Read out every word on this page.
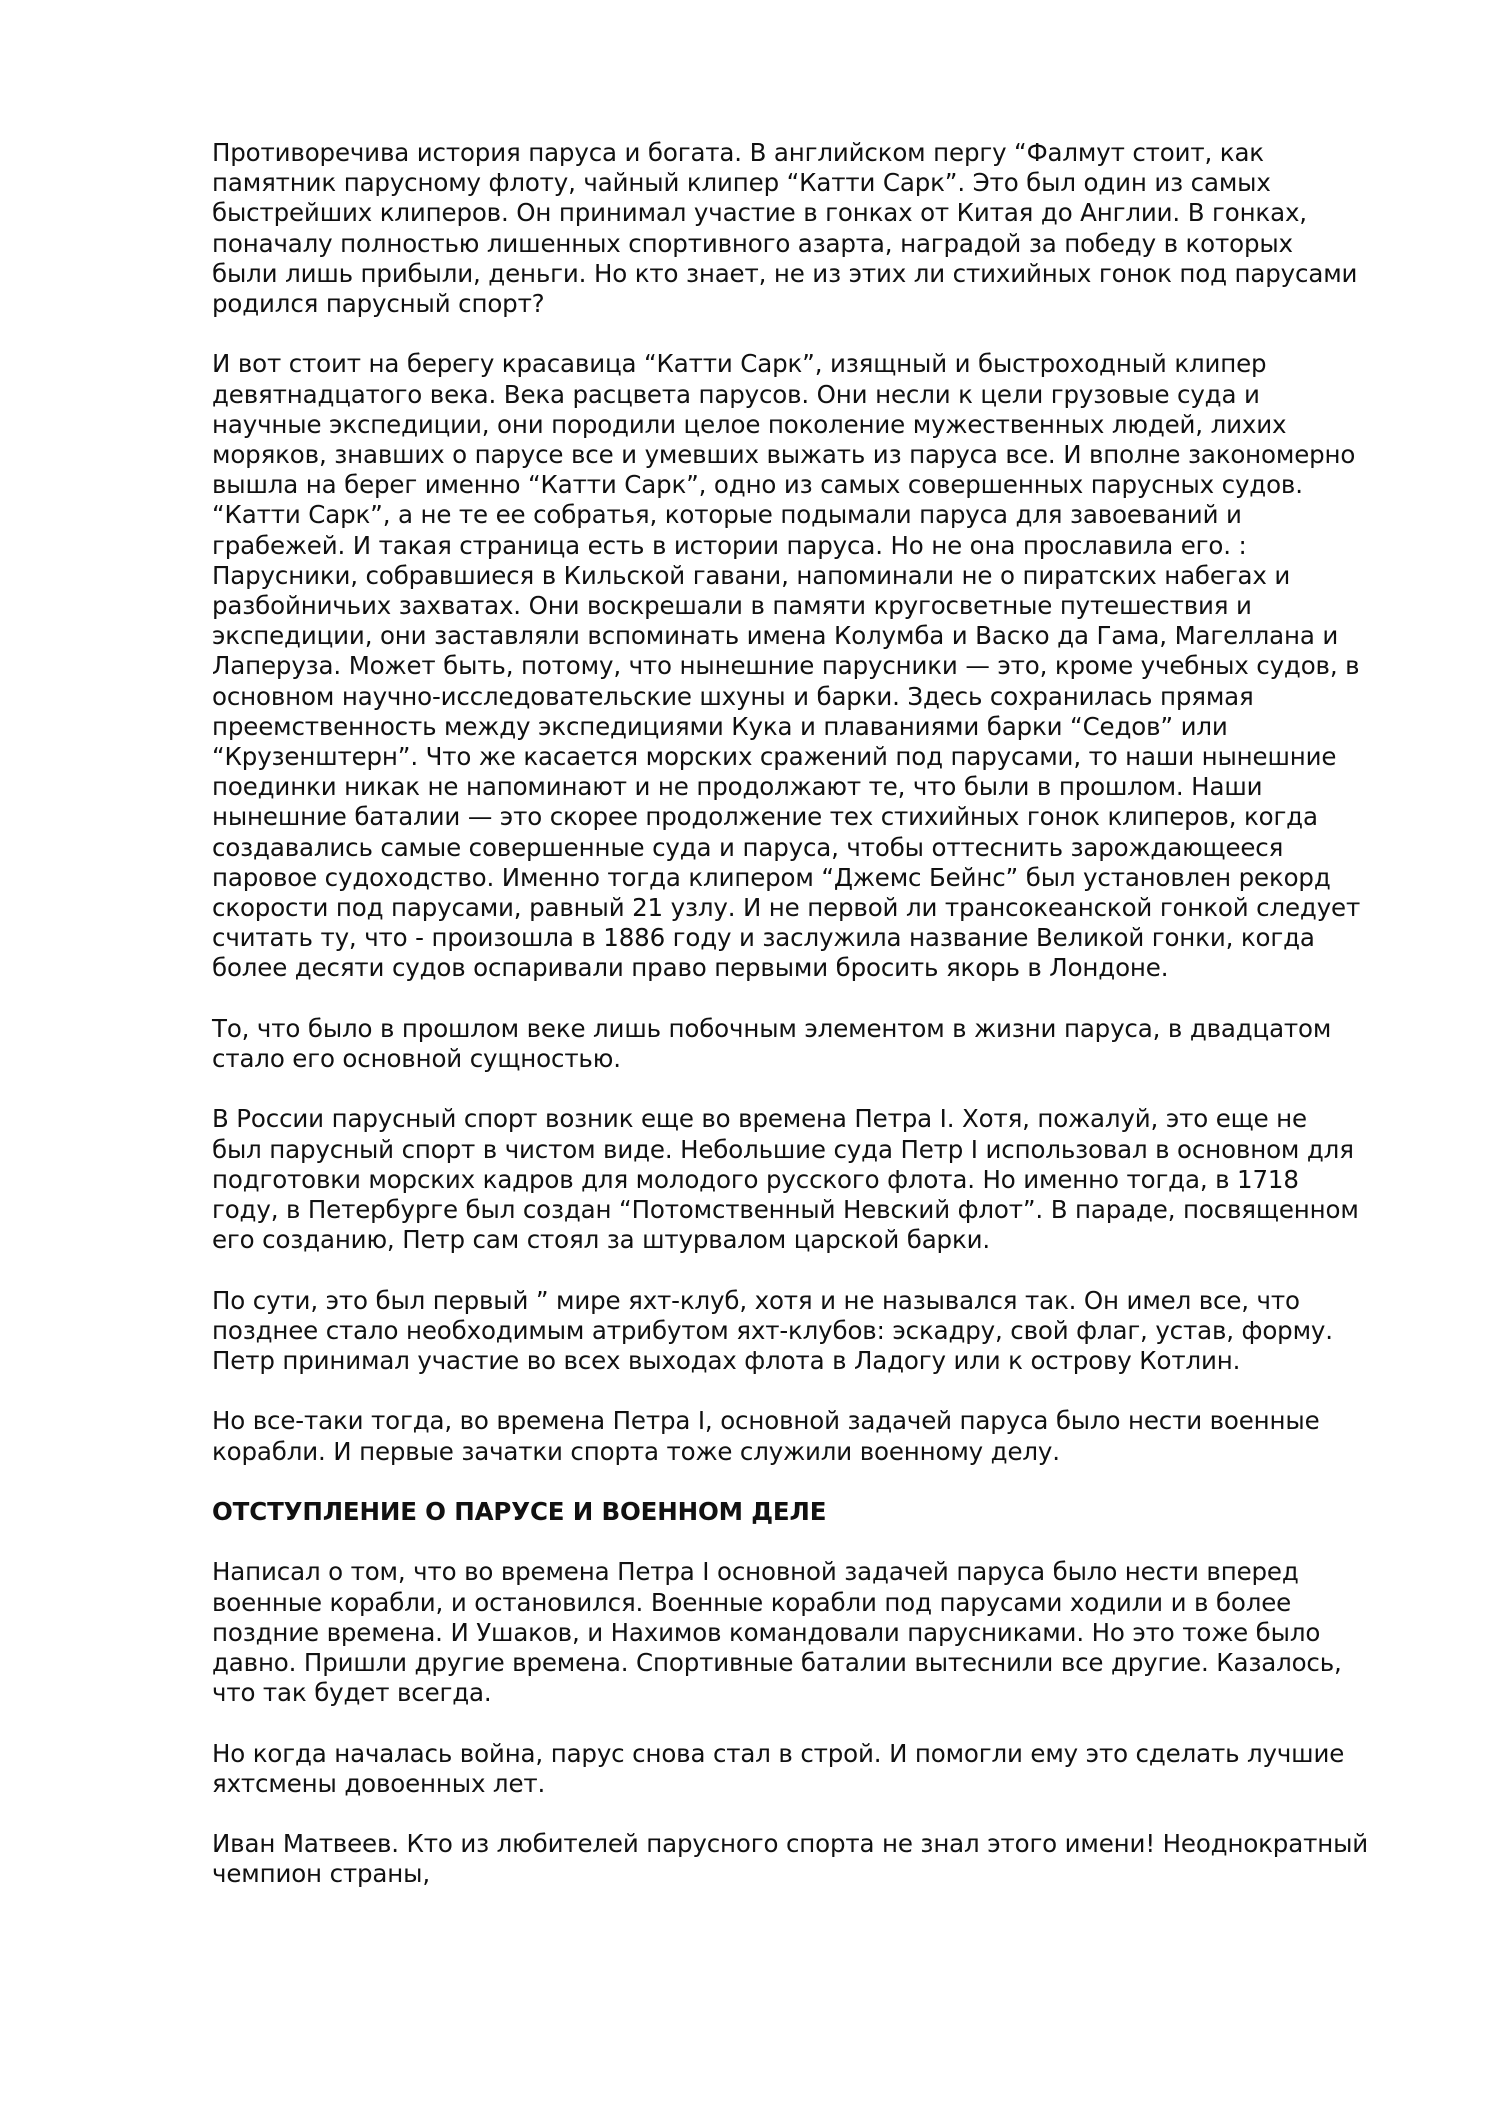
Противоречива история паруса и богата. В английском пергу “Фалмут стоит, как
памятник парусному флоту, чайный клипер “Катти Сарк”. Это был один из самых
быстрейших клиперов. Он принимал участие в гонках от Китая до Англии. В гонках,
поначалу полностью лишенных спортивного азарта, наградой за победу в которых
были лишь прибыли, деньги. Но кто знает, не из этих ли стихийных гонок под парусами
родился парусный спорт?

И вот стоит на берегу красавица “Катти Сарк”, изящный и быстроходный клипер
девятнадцатого века. Века расцвета парусов. Они несли к цели грузовые суда и
научные экспедиции, они породили целое поколение мужественных людей, лихих
моряков, знавших о парусе все и умевших выжать из паруса все. И вполне закономерно
вышла на берег именно “Катти Сарк”, одно из самых совершенных парусных судов.
“Катти Сарк”, а не те ее собратья, которые подымали паруса для завоеваний и
грабежей. И такая страница есть в истории паруса. Но не она прославила его. :
Парусники, собравшиеся в Кильской гавани, напоминали не о пиратских набегах и
разбойничьих захватах. Они воскрешали в памяти кругосветные путешествия и
экспедиции, они заставляли вспоминать имена Колумба и Васко да Гама, Магеллана и
Лаперуза. Может быть, потому, что нынешние парусники — это, кроме учебных судов, в
основном научно-исследовательские шхуны и барки. Здесь сохранилась прямая
преемственность между экспедициями Кука и плаваниями барки “Седов” или
“Крузенштерн”. Что же касается морских сражений под парусами, то наши нынешние
поединки никак не напоминают и не продолжают те, что были в прошлом. Наши
нынешние баталии — это скорее продолжение тех стихийных гонок клиперов, когда
создавались самые совершенные суда и паруса, чтобы оттеснить зарождающееся
паровое судоходство. Именно тогда клипером “Джемс Бейнс” был установлен рекорд
скорости под парусами, равный 21 узлу. И не первой ли трансокеанской гонкой следует
считать ту, что - произошла в 1886 году и заслужила название Великой гонки, когда
более десяти судов оспаривали право первыми бросить якорь в Лондоне.

То, что было в прошлом веке лишь побочным элементом в жизни паруса, в двадцатом
стало его основной сущностью.

В России парусный спорт возник еще во времена Петра I. Хотя, пожалуй, это еще не
был парусный спорт в чистом виде. Небольшие суда Петр I использовал в основном для
подготовки морских кадров для молодого русского флота. Но именно тогда, в 1718
году, в Петербурге был создан “Потомственный Невский флот”. В параде, посвященном
его созданию, Петр сам стоял за штурвалом царской барки.

По сути, это был первый ” мире яхт-клуб, хотя и не назывался так. Он имел все, что
позднее стало необходимым атрибутом яхт-клубов: эскадру, свой флаг, устав, форму.
Петр принимал участие во всех выходах флота в Ладогу или к острову Котлин.

Но все-таки тогда, во времена Петра I, основной задачей паруса было нести военные
корабли. И первые зачатки спорта тоже служили военному делу.

ОТСТУПЛЕНИЕ О ПАРУСЕ И ВОЕННОМ ДЕЛЕ

Написал о том, что во времена Петра I основной задачей паруса было нести вперед
военные корабли, и остановился. Военные корабли под парусами ходили и в более
поздние времена. И Ушаков, и Нахимов командовали парусниками. Но это тоже было
давно. Пришли другие времена. Спортивные баталии вытеснили все другие. Казалось,
что так будет всегда.

Но когда началась война, парус снова стал в строй. И помогли ему это сделать лучшие
яхтсмены довоенных лет.

Иван Матвеев. Кто из любителей парусного спорта не знал этого имени! Неоднократный
чемпион страны,
